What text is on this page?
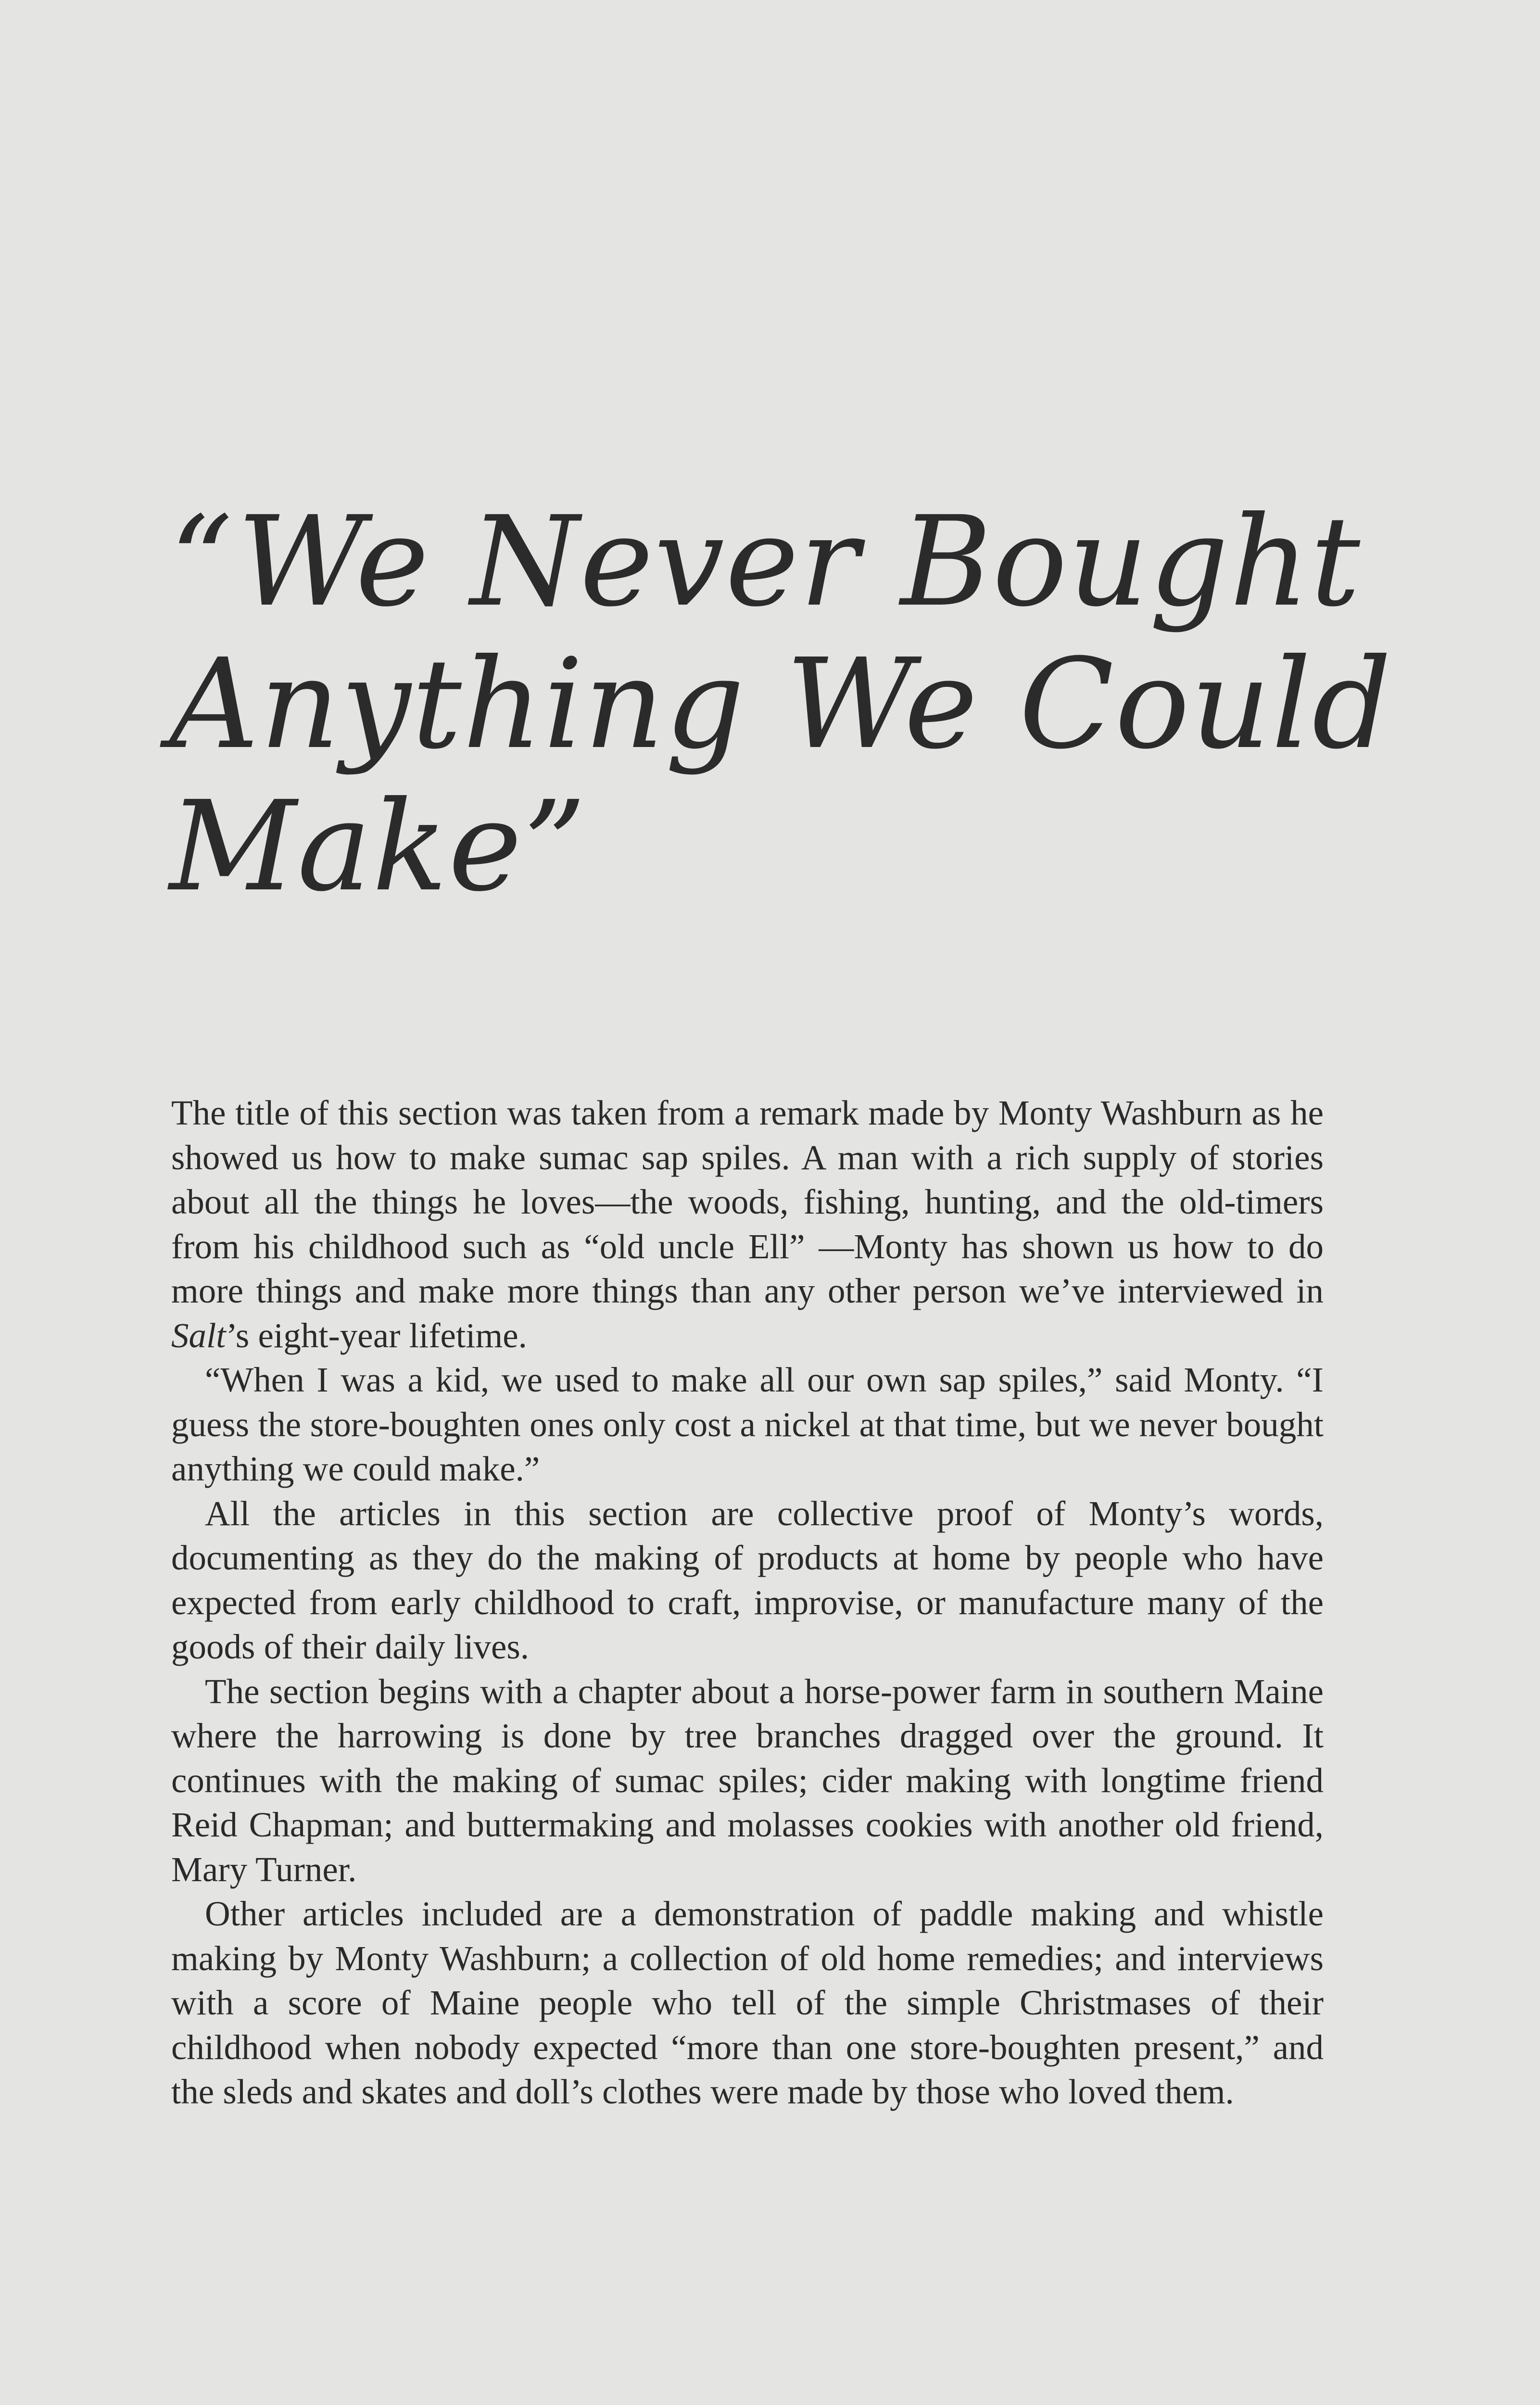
“We Never Bought
Anything We Could
Make”

The title of this section was taken from a remark made by Monty Washburn as he showed us how to make sumac sap spiles. A man with a rich supply of stories about all the things he loves—the woods, fishing, hunting, and the old-timers from his childhood such as “old uncle Ell” —Monty has shown us how to do more things and make more things than any other person we’ve interviewed in Salt’s eight-year lifetime.

“When I was a kid, we used to make all our own sap spiles,” said Monty. “I guess the store-boughten ones only cost a nickel at that time, but we never bought anything we could make.”

All the articles in this section are collective proof of Monty’s words, documenting as they do the making of products at home by people who have expected from early childhood to craft, improvise, or manufacture many of the goods of their daily lives.

The section begins with a chapter about a horse-power farm in southern Maine where the harrowing is done by tree branches dragged over the ground. It continues with the making of sumac spiles; cider making with longtime friend Reid Chapman; and buttermaking and molasses cookies with another old friend, Mary Turner.

Other articles included are a demonstration of paddle making and whistle making by Monty Washburn; a collection of old home remedies; and interviews with a score of Maine people who tell of the simple Christmases of their childhood when nobody expected “more than one store-boughten present,” and the sleds and skates and doll’s clothes were made by those who loved them.
